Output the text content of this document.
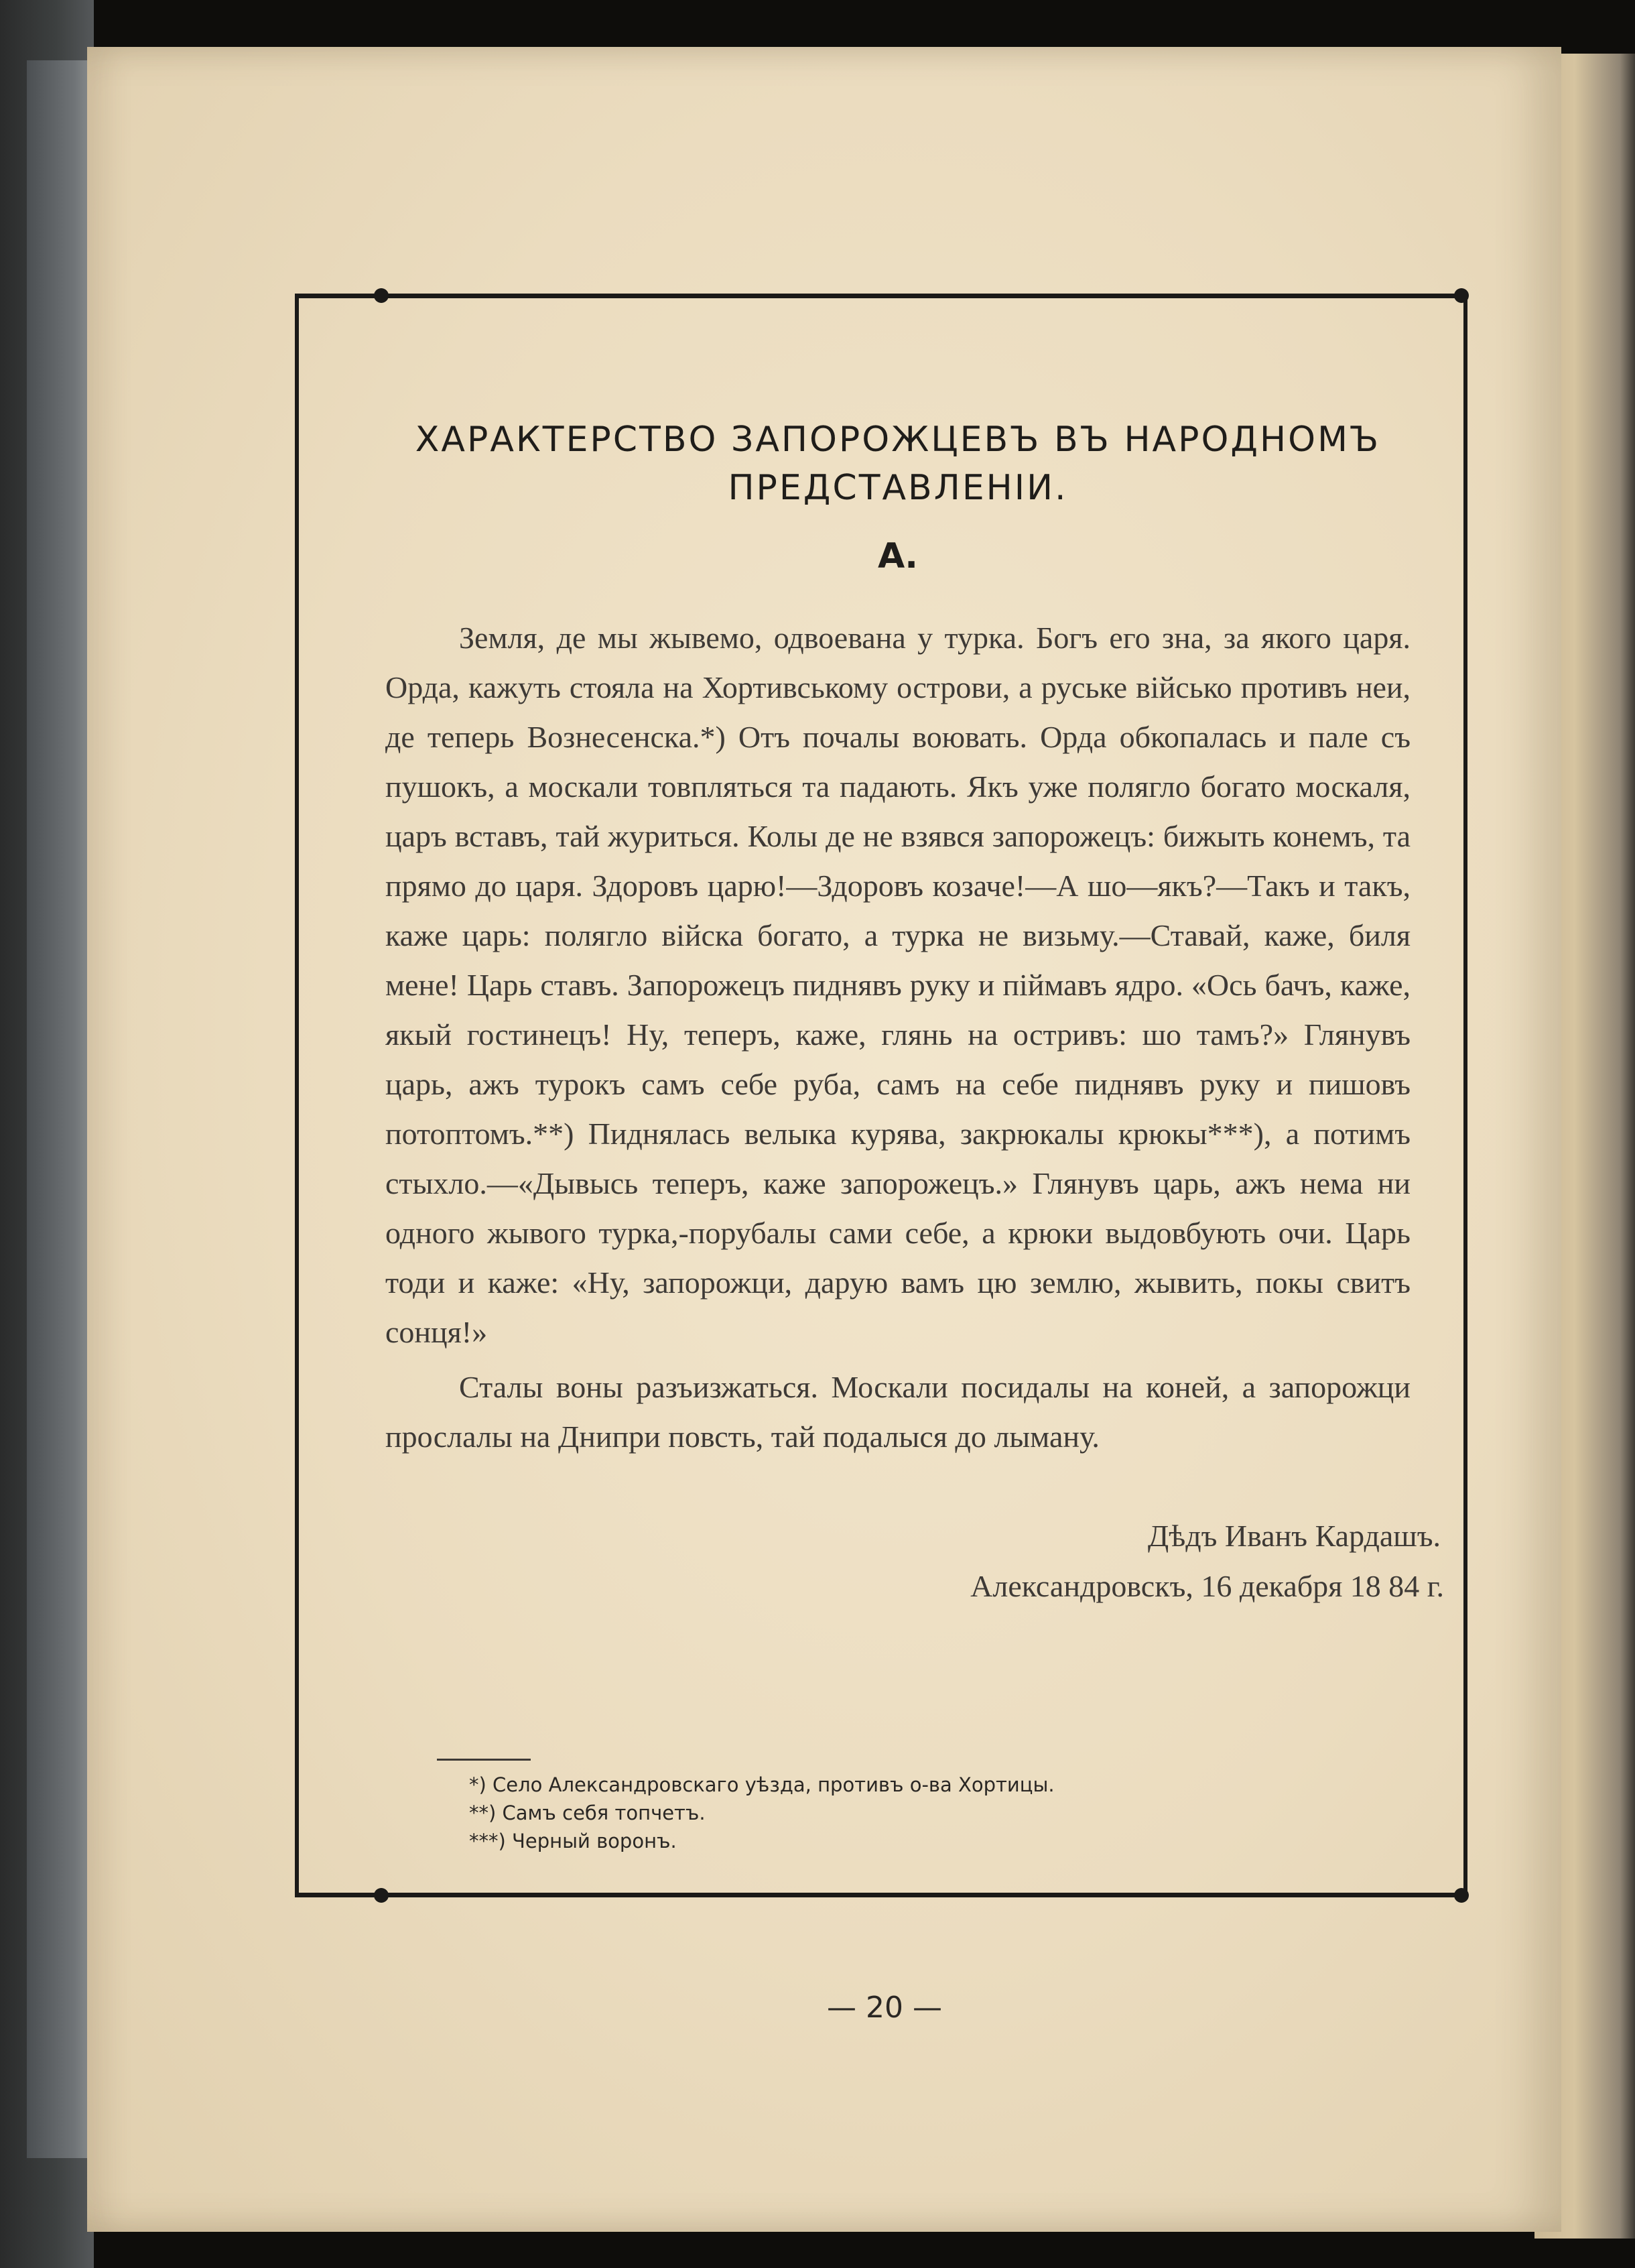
ХАРАКТЕРСТВО ЗАПОРОЖЦЕВЪ ВЪ НАРОДНОМЪ
ПРЕДСТАВЛЕНІИ.
А.

Земля, де мы жывемо, одвоевана у турка. Богъ его зна, за якого царя. Орда, кажуть стояла на Хортивському острови, а руське військо противъ неи, де теперь Вознесенска.*) Отъ почалы воювать. Орда обкопалась и пале съ пушокъ, а москали товпляться та падають. Якъ уже полягло богато москаля, царъ вставъ, тай журиться. Колы де не взявся запорожецъ: бижыть конемъ, та прямо до царя. Здоровъ царю!—Здоровъ козаче!—А шо—якъ?—Такъ и такъ, каже царь: полягло війска богато, а турка не визьму.—Ставай, каже, биля мене! Царь ставъ. Запорожецъ пиднявъ руку и піймавъ ядро. «Ось бачъ, каже, якый гостинецъ! Ну, теперъ, каже, глянь на остривъ: шо тамъ?» Глянувъ царь, ажъ турокъ самъ себе руба, самъ на себе пиднявъ руку и пишовъ потоптомъ.**) Пиднялась велыка курява, закрюкалы крюкы***), а потимъ стыхло.—«Дывысь теперъ, каже запорожецъ.» Глянувъ царь, ажъ нема ни одного жывого турка,-порубалы сами себе, а крюки выдовбують очи. Царь тоди и каже: «Ну, запорожци, дарую вамъ цю землю, жывить, покы свитъ сонця!»

Сталы воны разъизжаться. Москали посидалы на коней, а запорожци прослалы на Днипри повсть, тай подалыся до лыману.

Дѣдъ Иванъ Кардашъ.
Александровскъ, 16 декабря 18 84 г.
*) Село Александровскаго уѣзда, противъ о-ва Хортицы.
**) Самъ себя топчетъ.
***) Черный воронъ.
— 20 —
